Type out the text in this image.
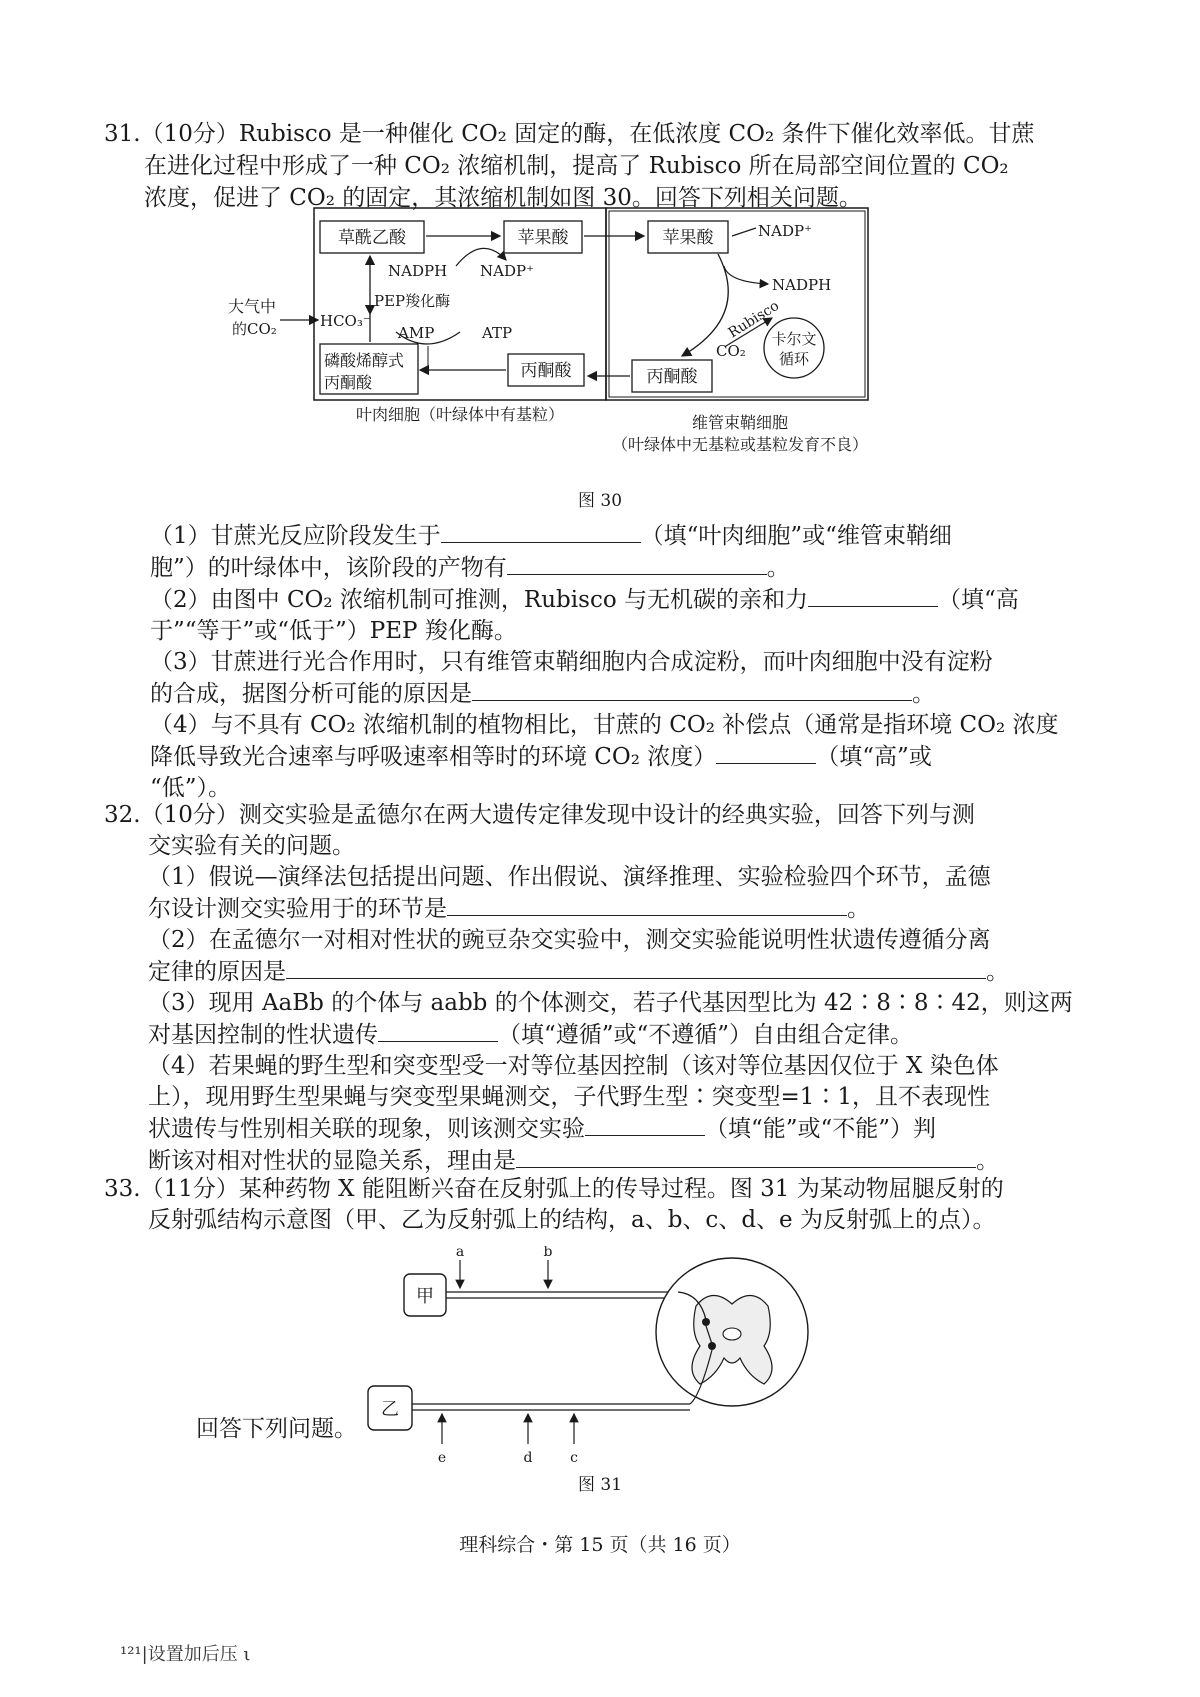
31.（10分）Rubisco 是一种催化 CO₂ 固定的酶，在低浓度 CO₂ 条件下催化效率低。甘蔗

在进化过程中形成了一种 CO₂ 浓缩机制，提高了 Rubisco 所在局部空间位置的 CO₂

浓度，促进了 CO₂ 的固定，其浓缩机制如图 30。回答下列相关问题。

草酰乙酸	苹果酸
磷酸烯醇式
丙酮酸
丙酮酸
苹果酸
丙酮酸
大气中
的CO₂	HCO₃⁻
NADPH NADP⁺
PEP羧化酶
AMP	ATP
NADP⁺
NADPH
Rubisco
CO₂
卡尔文
循环
叶肉细胞（叶绿体中有基粒）	维管束鞘细胞
（叶绿体中无基粒或基粒发育不良）
图 30

（1）甘蔗光反应阶段发生于	（填“叶肉细胞”或“维管束鞘细

胞”）的叶绿体中，该阶段的产物有	。

（2）由图中 CO₂ 浓缩机制可推测，Rubisco 与无机碳的亲和力	（填“高

于”“等于”或“低于”）PEP 羧化酶。

（3）甘蔗进行光合作用时，只有维管束鞘细胞内合成淀粉，而叶肉细胞中没有淀粉

的合成，据图分析可能的原因是	。

（4）与不具有 CO₂ 浓缩机制的植物相比，甘蔗的 CO₂ 补偿点（通常是指环境 CO₂ 浓度

降低导致光合速率与呼吸速率相等时的环境 CO₂ 浓度）	（填“高”或

“低”）。

32.（10分）测交实验是孟德尔在两大遗传定律发现中设计的经典实验，回答下列与测

交实验有关的问题。

（1）假说—演绎法包括提出问题、作出假说、演绎推理、实验检验四个环节，孟德

尔设计测交实验用于的环节是	。

（2）在孟德尔一对相对性状的豌豆杂交实验中，测交实验能说明性状遗传遵循分离

定律的原因是	。

（3）现用 AaBb 的个体与 aabb 的个体测交，若子代基因型比为 42∶8∶8∶42，则这两

对基因控制的性状遗传	（填“遵循”或“不遵循”）自由组合定律。

（4）若果蝇的野生型和突变型受一对等位基因控制（该对等位基因仅位于 X 染色体

上），现用野生型果蝇与突变型果蝇测交，子代野生型∶突变型=1∶1，且不表现性

状遗传与性别相关联的现象，则该测交实验	（填“能”或“不能”）判

断该对相对性状的显隐关系，理由是	。

33.（11分）某种药物 X 能阻断兴奋在反射弧上的传导过程。图 31 为某动物屈腿反射的

反射弧结构示意图（甲、乙为反射弧上的结构，a、b、c、d、e 为反射弧上的点）。

甲
乙
a	b
e	d	c
图 31
回答下列问题。
理科综合・第 15 页（共 16 页）
¹²¹|设置加后压 ι
